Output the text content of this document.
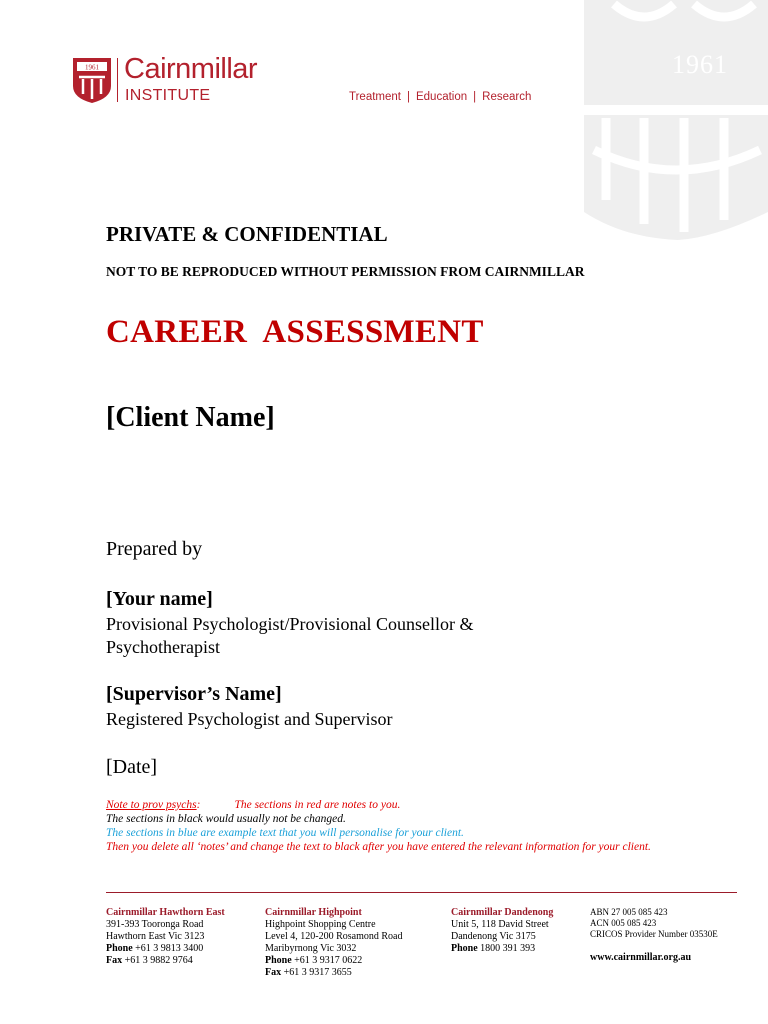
1961
1961 Cairnmillar
INSTITUTE	Treatment | Education | Research
PRIVATE & CONFIDENTIAL
NOT TO BE REPRODUCED WITHOUT PERMISSION FROM CAIRNMILLAR
CAREER  ASSESSMENT
[Client Name]
Prepared by
[Your name]
Provisional Psychologist/Provisional Counsellor & Psychotherapist
[Supervisor’s Name]
Registered Psychologist and Supervisor
[Date]
Note to prov psychs:	The sections in red are notes to you.
The sections in black would usually not be changed.
The sections in blue are example text that you will personalise for your client.
Then you delete all ‘notes’ and change the text to black after you have entered the relevant information for your client.
Cairnmillar Hawthorn East
391-393 Tooronga Road
Hawthorn East Vic 3123
Phone +61 3 9813 3400
Fax +61 3 9882 9764
Cairnmillar Highpoint
Highpoint Shopping Centre
Level 4, 120-200 Rosamond Road
Maribyrnong Vic 3032
Phone +61 3 9317 0622
Fax +61 3 9317 3655
Cairnmillar Dandenong
Unit 5, 118 David Street
Dandenong Vic 3175
Phone 1800 391 393
ABN 27 005 085 423
ACN 005 085 423
CRICOS Provider Number 03530E
www.cairnmillar.org.au
